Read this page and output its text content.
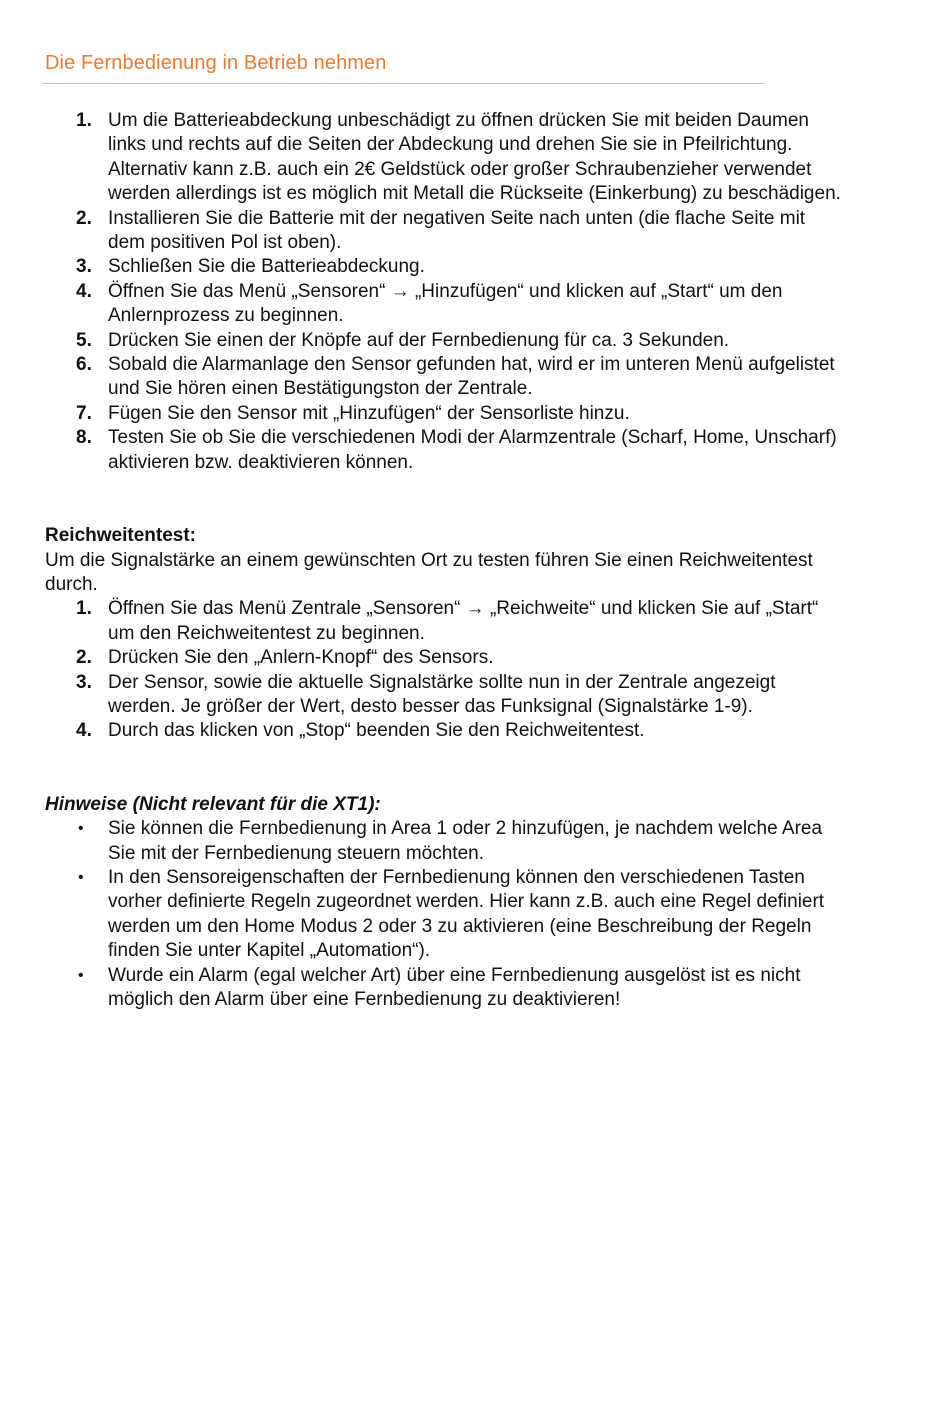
Die Fernbedienung in Betrieb nehmen
1. Um die Batterieabdeckung unbeschädigt zu öffnen drücken Sie mit beiden Daumen links und rechts auf die Seiten der Abdeckung und drehen Sie sie in Pfeilrichtung. Alternativ kann z.B. auch ein 2€ Geldstück oder großer Schraubenzieher verwendet werden allerdings ist es möglich mit Metall die Rückseite (Einkerbung) zu beschädigen.
2. Installieren Sie die Batterie mit der negativen Seite nach unten (die flache Seite mit dem positiven Pol ist oben).
3. Schließen Sie die Batterieabdeckung.
4. Öffnen Sie das Menü „Sensoren“ → „Hinzufügen“ und klicken auf „Start“ um den Anlernprozess zu beginnen.
5. Drücken Sie einen der Knöpfe auf der Fernbedienung für ca. 3 Sekunden.
6. Sobald die Alarmanlage den Sensor gefunden hat, wird er im unteren Menü aufgelistet und Sie hören einen Bestätigungston der Zentrale.
7. Fügen Sie den Sensor mit „Hinzufügen“ der Sensorliste hinzu.
8. Testen Sie ob Sie die verschiedenen Modi der Alarmzentrale (Scharf, Home, Unscharf) aktivieren bzw. deaktivieren können.
Reichweitentest:
Um die Signalstärke an einem gewünschten Ort zu testen führen Sie einen Reichweitentest durch.
1. Öffnen Sie das Menü Zentrale „Sensoren“ → „Reichweite“ und klicken Sie auf „Start“ um den Reichweitentest zu beginnen.
2. Drücken Sie den „Anlern-Knopf“ des Sensors.
3. Der Sensor, sowie die aktuelle Signalstärke sollte nun in der Zentrale angezeigt werden. Je größer der Wert, desto besser das Funksignal (Signalstärke 1-9).
4. Durch das klicken von „Stop“ beenden Sie den Reichweitentest.
Hinweise (Nicht relevant für die XT1):
• Sie können die Fernbedienung in Area 1 oder 2 hinzufügen, je nachdem welche Area Sie mit der Fernbedienung steuern möchten.
• In den Sensoreigenschaften der Fernbedienung können den verschiedenen Tasten vorher definierte Regeln zugeordnet werden. Hier kann z.B. auch eine Regel definiert werden um den Home Modus 2 oder 3 zu aktivieren (eine Beschreibung der Regeln finden Sie unter Kapitel „Automation“).
• Wurde ein Alarm (egal welcher Art) über eine Fernbedienung ausgelöst ist es nicht möglich den Alarm über eine Fernbedienung zu deaktivieren!
